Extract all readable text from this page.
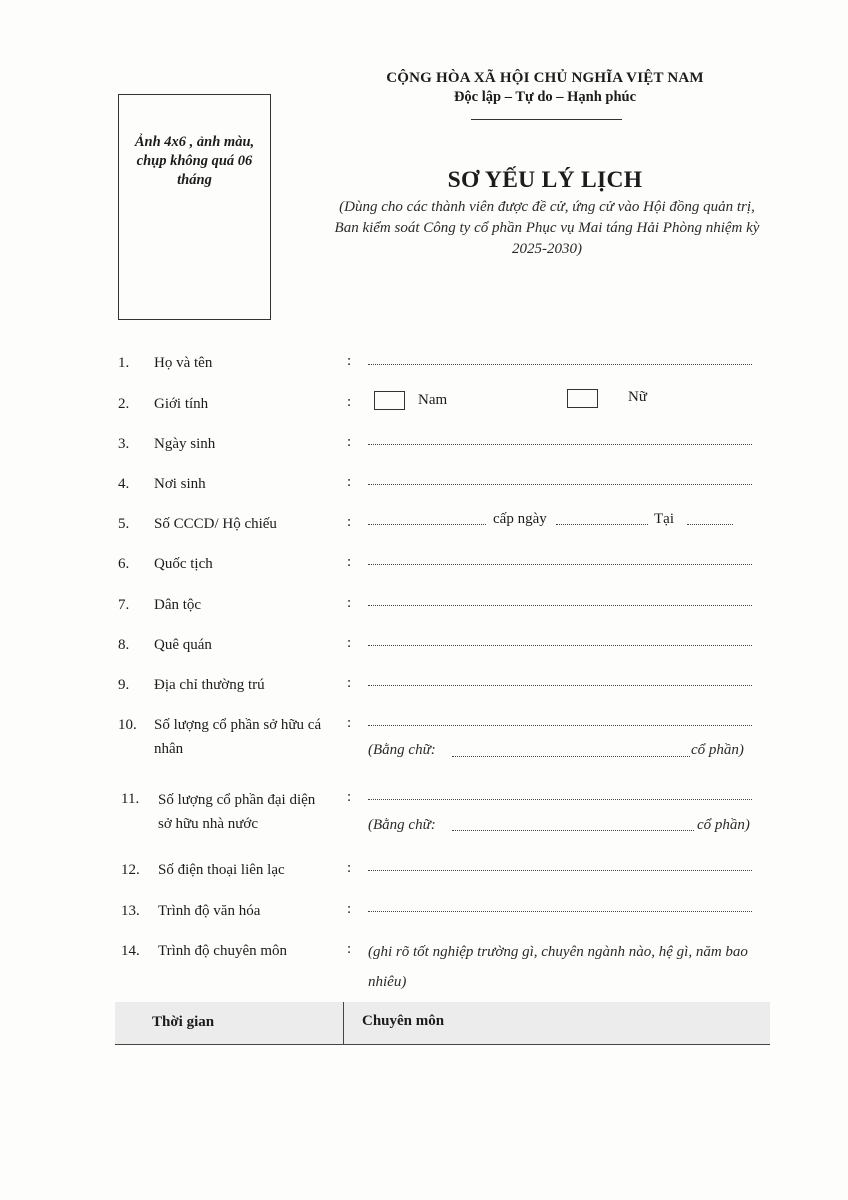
CỘNG HÒA XÃ HỘI CHỦ NGHĨA VIỆT NAM
Độc lập – Tự do – Hạnh phúc
Ảnh 4x6 , ảnh màu, chụp không quá 06 tháng	SƠ YẾU LÝ LỊCH
(Dùng cho các thành viên được đề cử, ứng cử vào Hội đồng quản trị, Ban kiểm soát Công ty cổ phần Phục vụ Mai táng Hải Phòng nhiệm kỳ 2025-2030)
1. Họ và tên	:
2. Giới tính	:	Nam	Nữ
3. Ngày sinh	:
4. Nơi sinh	:
5. Số CCCD/ Hộ chiếu	:	cấp ngày	Tại
6. Quốc tịch	:
7. Dân tộc	:
8. Quê quán	:
9. Địa chỉ thường trú	:
10. Số lượng cổ phần sở hữu cá nhân
:
(Bằng chữ:	cổ phần)
11. Số lượng cổ phần đại diện sở hữu nhà nước
:
(Bằng chữ:	cổ phần)
12. Số điện thoại liên lạc	:
13. Trình độ văn hóa	:
14. Trình độ chuyên môn	: (ghi rõ tốt nghiệp trường gì, chuyên ngành nào, hệ gì, năm bao nhiêu)
Thời gian	Chuyên môn
